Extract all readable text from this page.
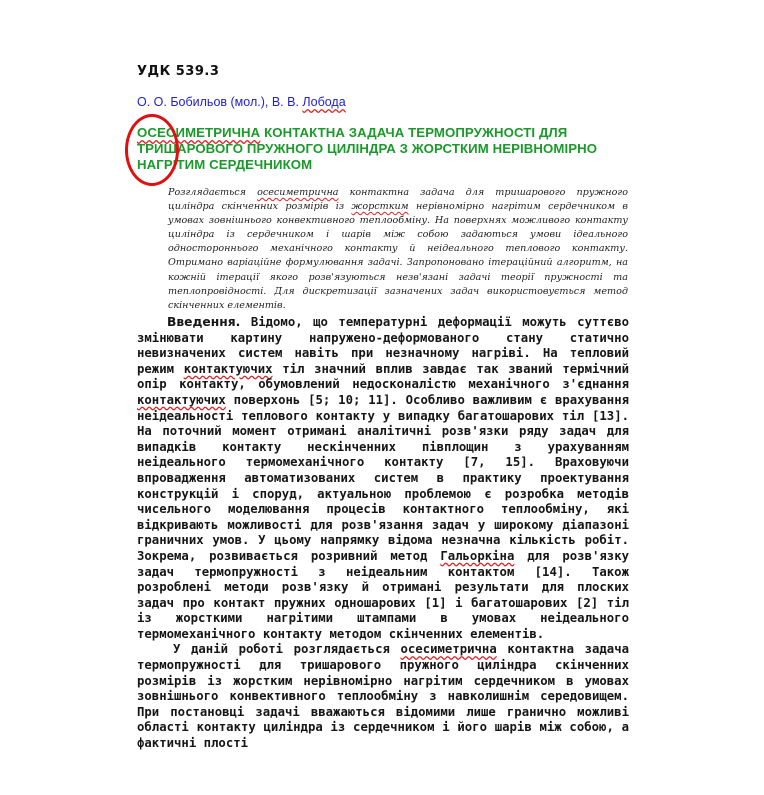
УДК 539.3
О. О. Бобильов (мол.), В. В. Лобода
ОСЕСИМЕТРИЧНА КОНТАКТНА ЗАДАЧА ТЕРМОПРУЖНОСТІ ДЛЯ ТРИШАРОВОГО ПРУЖНОГО ЦИЛІНДРА З ЖОРСТКИМ НЕРІВНОМІРНО НАГРІТИМ СЕРДЕЧНИКОМ
Розглядається осесиметрична контактна задача для тришарового пружного циліндра скінченних розмірів із жорстким нерівномірно нагрітим сердечником в умовах зовнішнього конвективного теплообміну. На поверхнях можливого контакту циліндра із сердечником і шарів між собою задаються умови ідеального одностороннього механічного контакту й неідеального теплового контакту. Отримано варіаційне формулювання задачі. Запропоновано ітераційний алгоритм, на кожній ітерації якого розв'язуються незв'язані задачі теорії пружності та теплопровідності. Для дискретизації зазначених задач використовується метод скінченних елементів.

Введення. Відомо, що температурні деформації можуть суттєво змінювати картину напружено-деформованого стану статично невизначених систем навіть при незначному нагріві. На тепловий режим контактуючих тіл значний вплив завдає так званий термічний опір контакту, обумовлений недосконалістю механічного з'єднання контактуючих поверхонь [5; 10; 11]. Особливо важливим є врахування неідеальності теплового контакту у випадку багатошарових тіл [13]. На поточний момент отримані аналітичні розв'язки ряду задач для випадків контакту нескінченних півплощин з урахуванням неідеального термомеханічного контакту [7, 15]. Враховуючи впровадження автоматизованих систем в практику проектування конструкцій і споруд, актуальною проблемою є розробка методів чисельного моделювання процесів контактного теплообміну, які відкривають можливості для розв'язання задач у широкому діапазоні граничних умов. У цьому напрямку відома незначна кількість робіт. Зокрема, розвивається розривний метод Гальоркіна для розв'язку задач термопружності з неідеальним контактом [14]. Також розроблені методи розв'язку й отримані результати для плоских задач про контакт пружних одношарових [1] і багатошарових [2] тіл із жорсткими нагрітими штампами в умовах неідеального термомеханічного контакту методом скінченних елементів.

У даній роботі розглядається осесиметрична контактна задача термопружності для тришарового пружного циліндра скінченних розмірів із жорстким нерівномірно нагрітим сердечником в умовах зовнішнього конвективного теплообміну з навколишнім середовищем. При постановці задачі вважаються відомими лише гранично можливі області контакту циліндра із сердечником і його шарів між собою, а фактичні плоcті
